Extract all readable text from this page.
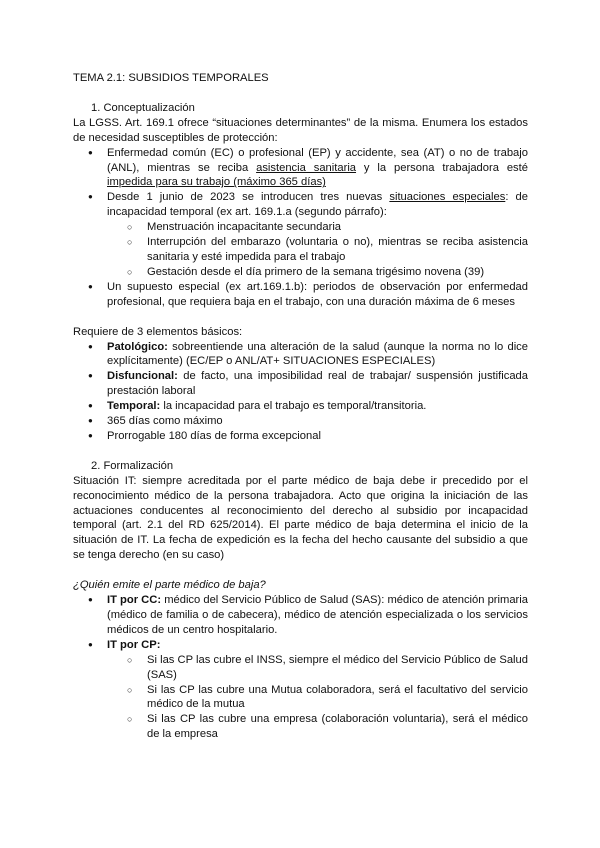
TEMA 2.1: SUBSIDIOS TEMPORALES

1. Conceptualización

La LGSS. Art. 169.1 ofrece “situaciones determinantes” de la misma. Enumera los estados de necesidad susceptibles de protección:

● Enfermedad común (EC) o profesional (EP) y accidente, sea (AT) o no de trabajo (ANL), mientras se reciba asistencia sanitaria y la persona trabajadora esté impedida para su trabajo (máximo 365 días)
● Desde 1 junio de 2023 se introducen tres nuevas situaciones especiales: de incapacidad temporal (ex art. 169.1.a (segundo párrafo):
○ Menstruación incapacitante secundaria
○ Interrupción del embarazo (voluntaria o no), mientras se reciba asistencia sanitaria y esté impedida para el trabajo
○ Gestación desde el día primero de la semana trigésimo novena (39)
● Un supuesto especial (ex art.169.1.b): periodos de observación por enfermedad profesional, que requiera baja en el trabajo, con una duración máxima de 6 meses

Requiere de 3 elementos básicos:

● Patológico: sobreentiende una alteración de la salud (aunque la norma no lo dice explícitamente) (EC/EP o ANL/AT+ SITUACIONES ESPECIALES)
● Disfuncional: de facto, una imposibilidad real de trabajar/ suspensión justificada prestación laboral
● Temporal: la incapacidad para el trabajo es temporal/transitoria.
● 365 días como máximo
● Prorrogable 180 días de forma excepcional

2. Formalización

Situación IT: siempre acreditada por el parte médico de baja debe ir precedido por el reconocimiento médico de la persona trabajadora. Acto que origina la iniciación de las actuaciones conducentes al reconocimiento del derecho al subsidio por incapacidad temporal (art. 2.1 del RD 625/2014). El parte médico de baja determina el inicio de la situación de IT. La fecha de expedición es la fecha del hecho causante del subsidio a que se tenga derecho (en su caso)

¿Quién emite el parte médico de baja?

● IT por CC: médico del Servicio Público de Salud (SAS): médico de atención primaria (médico de familia o de cabecera), médico de atención especializada o los servicios médicos de un centro hospitalario.
● IT por CP:
○ Si las CP las cubre el INSS, siempre el médico del Servicio Público de Salud (SAS)
○ Si las CP las cubre una Mutua colaboradora, será el facultativo del servicio médico de la mutua
○ Si las CP las cubre una empresa (colaboración voluntaria), será el médico de la empresa
